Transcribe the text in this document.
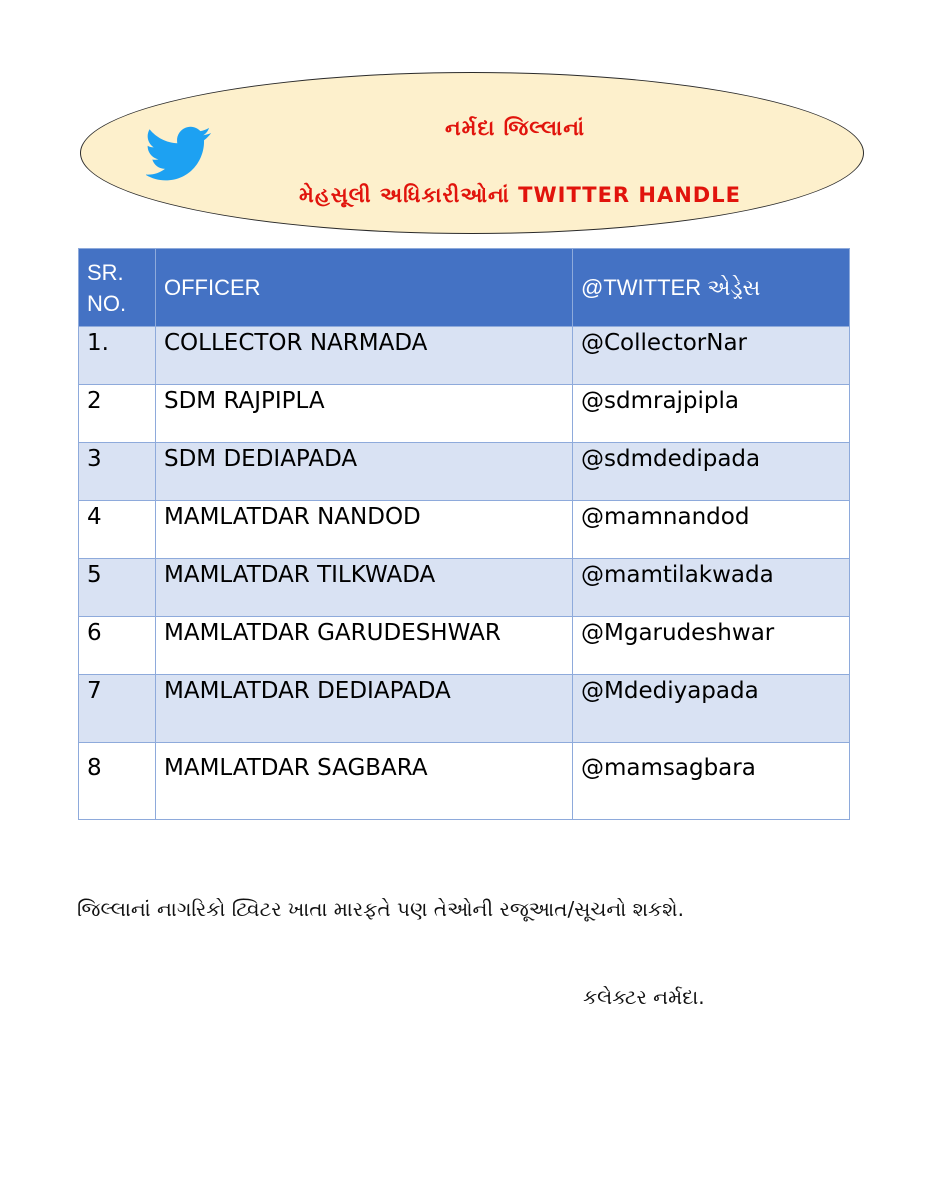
નર્મદા જિલ્લાનાં
મેહસૂલી અધિકારીઓનાં TWITTER HANDLE
SR. NO.	OFFICER	@TWITTER એડ્રેસ
1.	COLLECTOR NARMADA	@CollectorNar
2	SDM RAJPIPLA	@sdmrajpipla
3	SDM DEDIAPADA	@sdmdedipada
4	MAMLATDAR NANDOD	@mamnandod
5	MAMLATDAR TILKWADA	@mamtilakwada
6	MAMLATDAR GARUDESHWAR	@Mgarudeshwar
7	MAMLATDAR DEDIAPADA	@Mdediyapada
8	MAMLATDAR SAGBARA	@mamsagbara
જિલ્લાનાં નાગરિકો ટ્વિટર ખાતા મારફતે પણ તેઓની રજૂઆત/સૂચનો શકશે.
કલેક્ટર નર્મદા.
